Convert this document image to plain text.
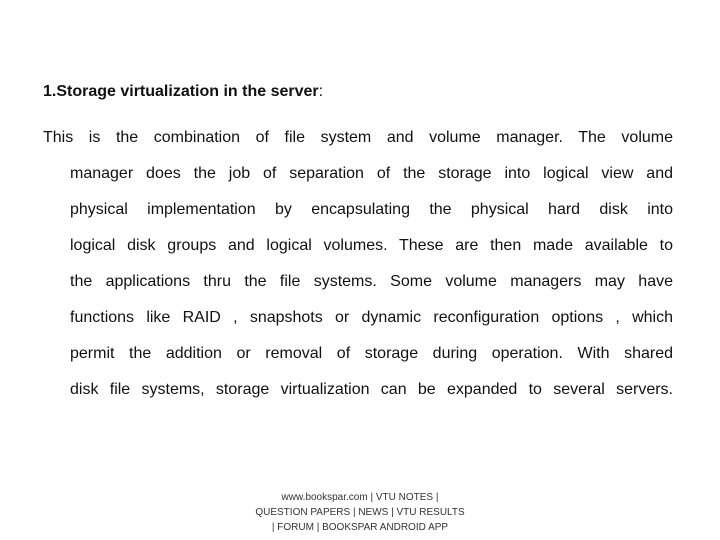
1.Storage virtualization in the server:
This is the combination of file system and volume manager. The volume
manager does the job of separation of the storage into logical view and
physical implementation by encapsulating the physical hard disk into
logical disk groups and logical volumes. These are then made available to
the applications thru the file systems. Some volume managers may have
functions like RAID , snapshots or dynamic reconfiguration options , which
permit the addition or removal of storage during operation. With shared
disk file systems, storage virtualization can be expanded to several servers.
www.bookspar.com | VTU NOTES |
QUESTION PAPERS | NEWS | VTU RESULTS
| FORUM | BOOKSPAR ANDROID APP
